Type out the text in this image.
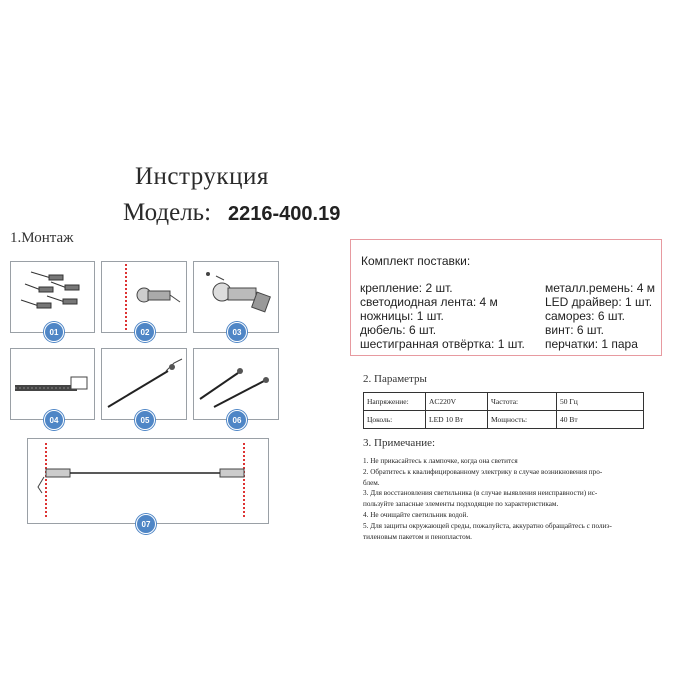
Инструкция
Модель: 2216-400.19
1.Монтаж
01	02	03
04	05	06
07
Комплект поставки:
крепление: 2 шт.
светодиодная лента: 4 м
ножницы: 1 шт.
дюбель: 6 шт.
шестигранная отвёртка: 1 шт.
металл.ремень: 4 м
LED драйвер: 1 шт.
саморез: 6 шт.
винт: 6 шт.
перчатки: 1 пара
2. Параметры
Напряжение:	AC220V	Частота:	50 Гц
Цоколь:	LED 10 Вт	Мощность:	40 Вт
3. Примечание:
1. Не прикасайтесь к лампочке, когда она светится
2. Обратитесь к квалифицированному электрику в случае возникновения про-
блем.
3. Для восстановления светильника (в случае выявления неисправности) ис-
пользуйте запасные элементы подходящие по характеристикам.
4. Не очищайте светильник водой.
5. Для защиты окружающей среды, пожалуйста, аккуратно обращайтесь с полиэ-
тиленовым пакетом и пенопластом.
